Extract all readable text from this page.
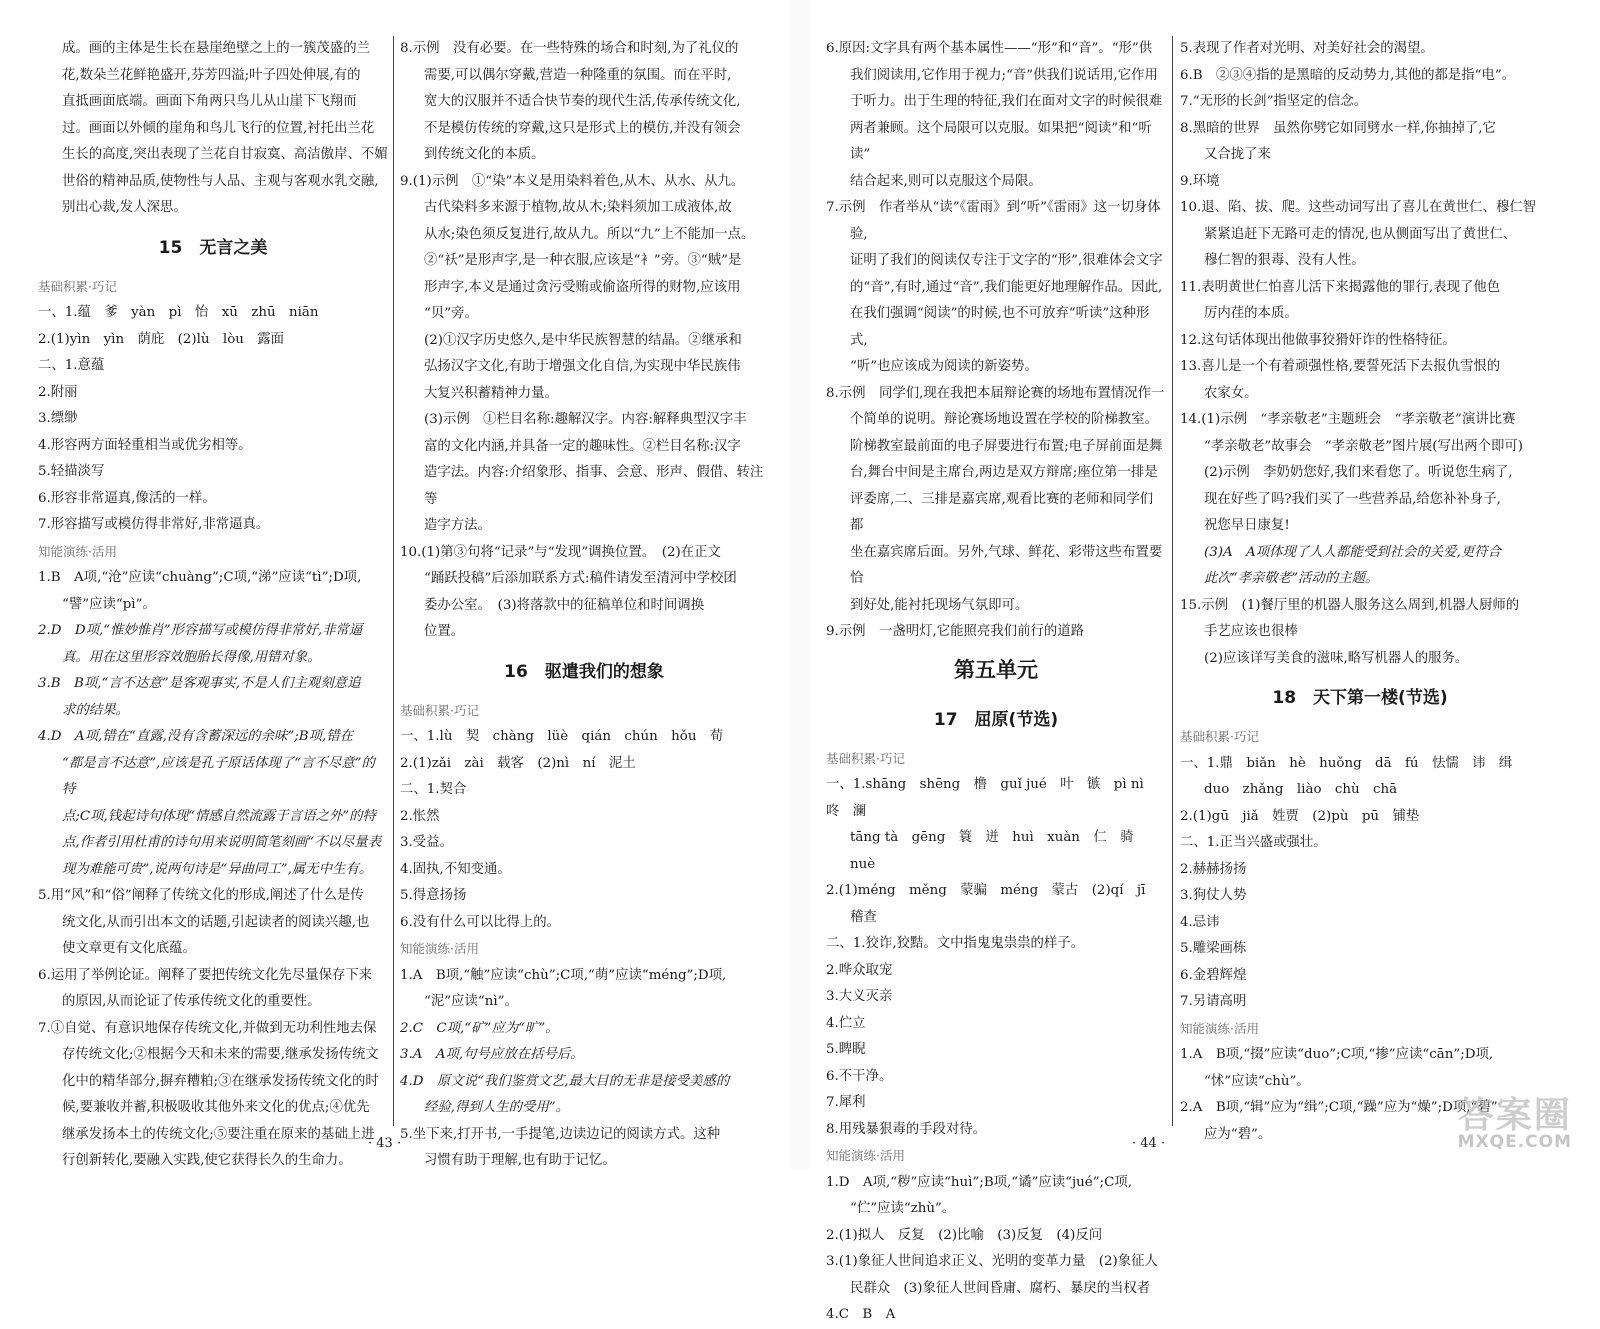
成。画的主体是生长在悬崖绝壁之上的一簇茂盛的兰

花,数朵兰花鲜艳盛开,芬芳四溢;叶子四处伸展,有的

直抵画面底端。画面下角两只鸟儿从山崖下飞翔而

过。画面以外倾的崖角和鸟儿飞行的位置,衬托出兰花

生长的高度,突出表现了兰花自甘寂寞、高洁傲岸、不媚

世俗的精神品质,使物性与人品、主观与客观水乳交融,

别出心裁,发人深思。

15　无言之美

基础积累·巧记

一、1.蕴　爹　yàn　pì　怡　xū　zhū　niān

2.(1)yìn　yìn　荫庇　(2)lù　lòu　露面

二、1.意蕴

2.附丽

3.缥缈

4.形容两方面轻重相当或优劣相等。

5.轻描淡写

6.形容非常逼真,像活的一样。

7.形容描写或模仿得非常好,非常逼真。

知能演练·活用

1.B　A项,“沧”应读“chuàng”;C项,“涕”应读“tì”;D项,

“譬”应读“pì”。

2.D　D项,“惟妙惟肖”形容描写或模仿得非常好,非常逼

真。用在这里形容效胞胎长得像,用错对象。

3.B　B项,“言不达意”是客观事实,不是人们主观刻意追

求的结果。

4.D　A项,错在“直露,没有含蓄深远的余味”;B项,错在

“都是言不达意”,应该是孔子原话体现了“言不尽意”的特

点;C项,钱起诗句体现“情感自然流露于言语之外”的特

点,作者引用杜甫的诗句用来说明简笔刻画“不以尽量表

现为难能可贵”,说两句诗是“异曲同工”,属无中生有。

5.用“风”和“俗”阐释了传统文化的形成,阐述了什么是传

统文化,从而引出本文的话题,引起读者的阅读兴趣,也

使文章更有文化底蕴。

6.运用了举例论证。阐释了要把传统文化先尽量保存下来

的原因,从而论证了传承传统文化的重要性。

7.①自觉、有意识地保存传统文化,并做到无功利性地去保

存传统文化;②根据今天和未来的需要,继承发扬传统文

化中的精华部分,摒弃糟粕;③在继承发扬传统文化的时

候,要兼收并蓄,积极吸收其他外来文化的优点;④优先

继承发扬本土的传统文化;⑤要注重在原来的基础上进

行创新转化,要融入实践,使它获得长久的生命力。

8.示例　没有必要。在一些特殊的场合和时刻,为了礼仪的

需要,可以偶尔穿戴,营造一种隆重的氛围。而在平时,

宽大的汉服并不适合快节奏的现代生活,传承传统文化,

不是模仿传统的穿戴,这只是形式上的模仿,并没有领会

到传统文化的本质。

9.(1)示例　①“染”本义是用染料着色,从木、从水、从九。

古代染料多来源于植物,故从木;染料须加工成液体,故

从水;染色须反复进行,故从九。所以“九”上不能加一点。

②“袄”是形声字,是一种衣服,应该是“衤”旁。③“贼”是

形声字,本义是通过贪污受贿或偷盗所得的财物,应该用

“贝”旁。

(2)①汉字历史悠久,是中华民族智慧的结晶。②继承和

弘扬汉字文化,有助于增强文化自信,为实现中华民族伟

大复兴积蓄精神力量。

(3)示例　①栏目名称:趣解汉字。内容:解释典型汉字丰

富的文化内涵,并具备一定的趣味性。②栏目名称:汉字

造字法。内容:介绍象形、指事、会意、形声、假借、转注等

造字方法。

10.(1)第③句将“记录”与“发现”调换位置。　(2)在正文

“踊跃投稿”后添加联系方式:稿件请发至清河中学校团

委办公室。　(3)将落款中的征稿单位和时间调换

位置。

16　驱遣我们的想象

基础积累·巧记

一、1.lù　契　chàng　lüè　qián　chún　hǒu　荀

2.(1)zǎi　zài　载客　(2)nì　ní　泥土

二、1.契合

2.怅然

3.受益。

4.固执,不知变通。

5.得意扬扬

6.没有什么可以比得上的。

知能演练·活用

1.A　B项,“触”应读“chù”;C项,“萌”应读“méng”;D项,

“泥”应读“nì”。

2.C　C项,“矿”应为“旷”。

3.A　A项,句号应放在括号后。

4.D　原文说“我们鉴赏文艺,最大目的无非是接受美感的

经验,得到人生的受用”。

5.坐下来,打开书,一手提笔,边读边记的阅读方式。这种

习惯有助于理解,也有助于记忆。

6.原因:文字具有两个基本属性——“形”和“音”。“形”供

我们阅读用,它作用于视力;“音”供我们说话用,它作用

于听力。出于生理的特征,我们在面对文字的时候很难

两者兼顾。这个局限可以克服。如果把“阅读”和“听读”

结合起来,则可以克服这个局限。

7.示例　作者举从“读”《雷雨》到“听”《雷雨》这一切身体验,

证明了我们的阅读仅专注于文字的“形”,很难体会文字

的“音”,有时,通过“音”,我们能更好地理解作品。因此,

在我们强调“阅读”的时候,也不可放弃“听读”这种形式,

“听”也应该成为阅读的新姿势。

8.示例　同学们,现在我把本届辩论赛的场地布置情况作一

个简单的说明。辩论赛场地设置在学校的阶梯教室。

阶梯教室最前面的电子屏要进行布置;电子屏前面是舞

台,舞台中间是主席台,两边是双方辩席;座位第一排是

评委席,二、三排是嘉宾席,观看比赛的老师和同学们都

坐在嘉宾席后面。另外,气球、鲜花、彩带这些布置要恰

到好处,能衬托现场气氛即可。

9.示例　一盏明灯,它能照亮我们前行的道路

第五单元

17　屈原(节选)

基础积累·巧记

一、1.shāng　shēng　橹　guǐ jué　叶　镞　pì nì　咚　澜

tāng tà　gēng　簑　迸　huì　xuàn　仁　骑　nuè

2.(1)méng　měng　蒙骗　méng　蒙古　(2)qí　jī

稽查

二、1.狡诈,狡黠。文中指鬼鬼祟祟的样子。

2.哗众取宠

3.大义灭亲

4.伫立

5.睥睨

6.不干净。

7.犀利

8.用残暴狠毒的手段对待。

知能演练·活用

1.D　A项,“秽”应读“huì”;B项,“谲”应读“jué”;C项,

“伫”应读“zhù”。

2.(1)拟人　反复　(2)比喻　(3)反复　(4)反问

3.(1)象征人世间追求正义、光明的变革力量　(2)象征人

民群众　(3)象征人世间昏庸、腐朽、暴戾的当权者

4.C　B　A

5.表现了作者对光明、对美好社会的渴望。

6.B　②③④指的是黑暗的反动势力,其他的都是指“电”。

7.“无形的长剑”指坚定的信念。

8.黑暗的世界　虽然你劈它如同劈水一样,你抽掉了,它

又合拢了来

9.环境

10.退、陷、拔、爬。这些动词写出了喜儿在黄世仁、穆仁智

紧紧追赶下无路可走的情况,也从侧面写出了黄世仁、

穆仁智的狠毒、没有人性。

11.表明黄世仁怕喜儿活下来揭露他的罪行,表现了他色

厉内荏的本质。

12.这句话体现出他做事狡猾奸诈的性格特征。

13.喜儿是一个有着顽强性格,要誓死活下去报仇雪恨的

农家女。

14.(1)示例　“孝亲敬老”主题班会　“孝亲敬老”演讲比赛

“孝亲敬老”故事会　“孝亲敬老”图片展(写出两个即可)

(2)示例　李奶奶您好,我们来看您了。听说您生病了,

现在好些了吗?我们买了一些营养品,给您补补身子,

祝您早日康复!

(3)A　A项体现了人人都能受到社会的关爱,更符合

此次“孝亲敬老”活动的主题。

15.示例　(1)餐厅里的机器人服务这么周到,机器人厨师的

手艺应该也很棒

(2)应该详写美食的滋味,略写机器人的服务。

18　天下第一楼(节选)

基础积累·巧记

一、1.鼎　biǎn　hè　huǒng　dā　fú　怯懦　讳　缉

duo　zhǎng　liào　chù　chā

2.(1)gū　jiǎ　姓贾　(2)pù　pū　铺垫

二、1.正当兴盛或强壮。

2.赫赫扬扬

3.狗仗人势

4.忌讳

5.雕梁画栋

6.金碧辉煌

7.另请高明

知能演练·活用

1.A　B项,“掇”应读“duo”;C项,“掺”应读“cān”;D项,

“怵”应读“chù”。

2.A　B项,“辑”应为“缉”;C项,“躁”应为“燥”;D项,“碧”

应为“碧”。

· 43 ·	· 44 ·
答案圈
MXQE.COM
